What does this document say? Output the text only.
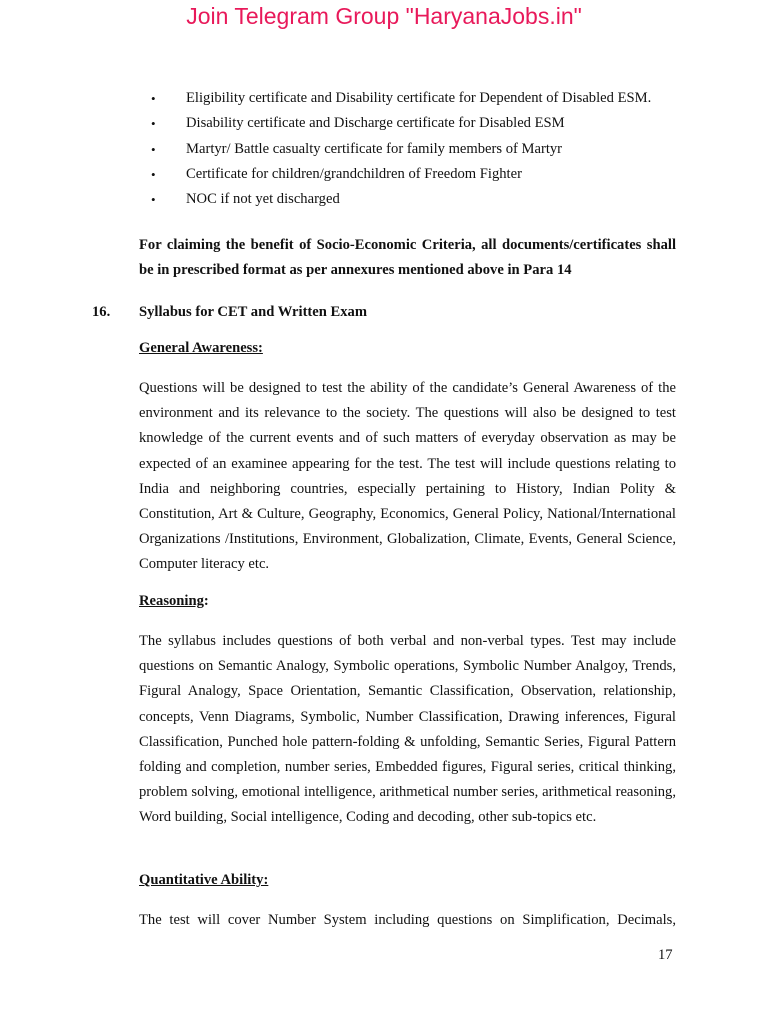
Join Telegram Group "HaryanaJobs.in"
• Eligibility certificate and Disability certificate for Dependent of Disabled ESM.
• Disability certificate and Discharge certificate for Disabled ESM
• Martyr/ Battle casualty certificate for family members of Martyr
• Certificate for children/grandchildren of Freedom Fighter
• NOC if not yet discharged

For claiming the benefit of Socio-Economic Criteria, all documents/certificates shall be in prescribed format as per annexures mentioned above in Para 14

16. Syllabus for CET and Written Exam
General Awareness:

Questions will be designed to test the ability of the candidate’s General Awareness of the environment and its relevance to the society. The questions will also be designed to test knowledge of the current events and of such matters of everyday observation as may be expected of an examinee appearing for the test. The test will include questions relating to India and neighboring countries, especially pertaining to History, Indian Polity & Constitution, Art & Culture, Geography, Economics, General Policy, National/International Organizations /Institutions, Environment, Globalization, Climate, Events, General Science, Computer literacy etc.

Reasoning:

The syllabus includes questions of both verbal and non-verbal types. Test may include questions on Semantic Analogy, Symbolic operations, Symbolic Number Analgoy, Trends, Figural Analogy, Space Orientation, Semantic Classification, Observation, relationship, concepts, Venn Diagrams, Symbolic, Number Classification, Drawing inferences, Figural Classification, Punched hole pattern-folding & unfolding, Semantic Series, Figural Pattern folding and completion, number series, Embedded figures, Figural series, critical thinking, problem solving, emotional intelligence, arithmetical number series, arithmetical reasoning, Word building, Social intelligence, Coding and decoding, other sub-topics etc.

Quantitative Ability:

The test will cover Number System including questions on Simplification, Decimals,

17
